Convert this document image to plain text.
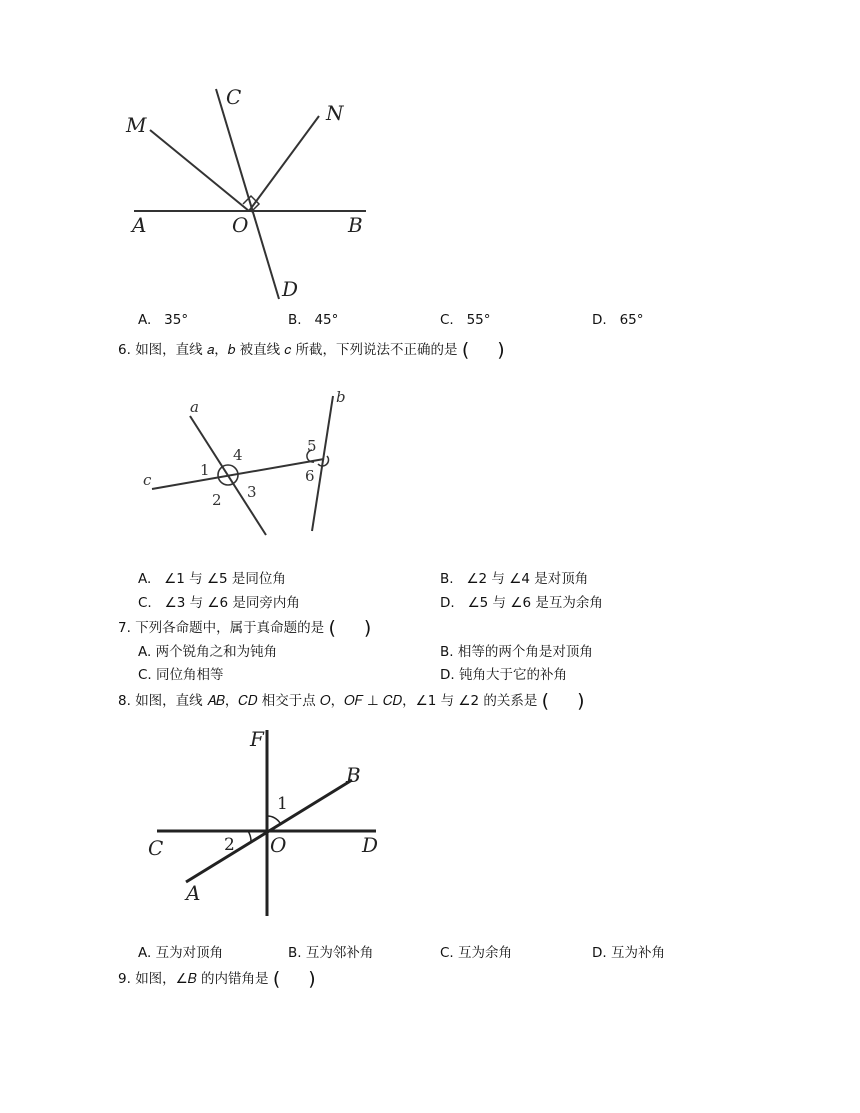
M
C
N
A	O	B
D
A. 35°	B. 45°	C. 55°	D. 65°
6. 如图，直线 𝑎，𝑏 被直线 𝑐 所截，下列说法不正确的是 ( )
a
b
c
1
2 3
4	5
6
A. ∠1 与 ∠5 是同位角	B. ∠2 与 ∠4 是对顶角
C. ∠3 与 ∠6 是同旁内角	D. ∠5 与 ∠6 是互为余角
7. 下列各命题中，属于真命题的是 ( )
A. 两个锐角之和为钝角	B. 相等的两个角是对顶角
C. 同位角相等	D. 钝角大于它的补角
8. 如图，直线 𝐴𝐵，𝐶𝐷 相交于点 𝑂，𝑂𝐹 ⊥ 𝐶𝐷，∠1 与 ∠2 的关系是 ( )
F
B
C	O	D
A
1
2
A. 互为对顶角	B. 互为邻补角	C. 互为余角	D. 互为补角
9. 如图，∠𝐵 的内错角是 ( )
